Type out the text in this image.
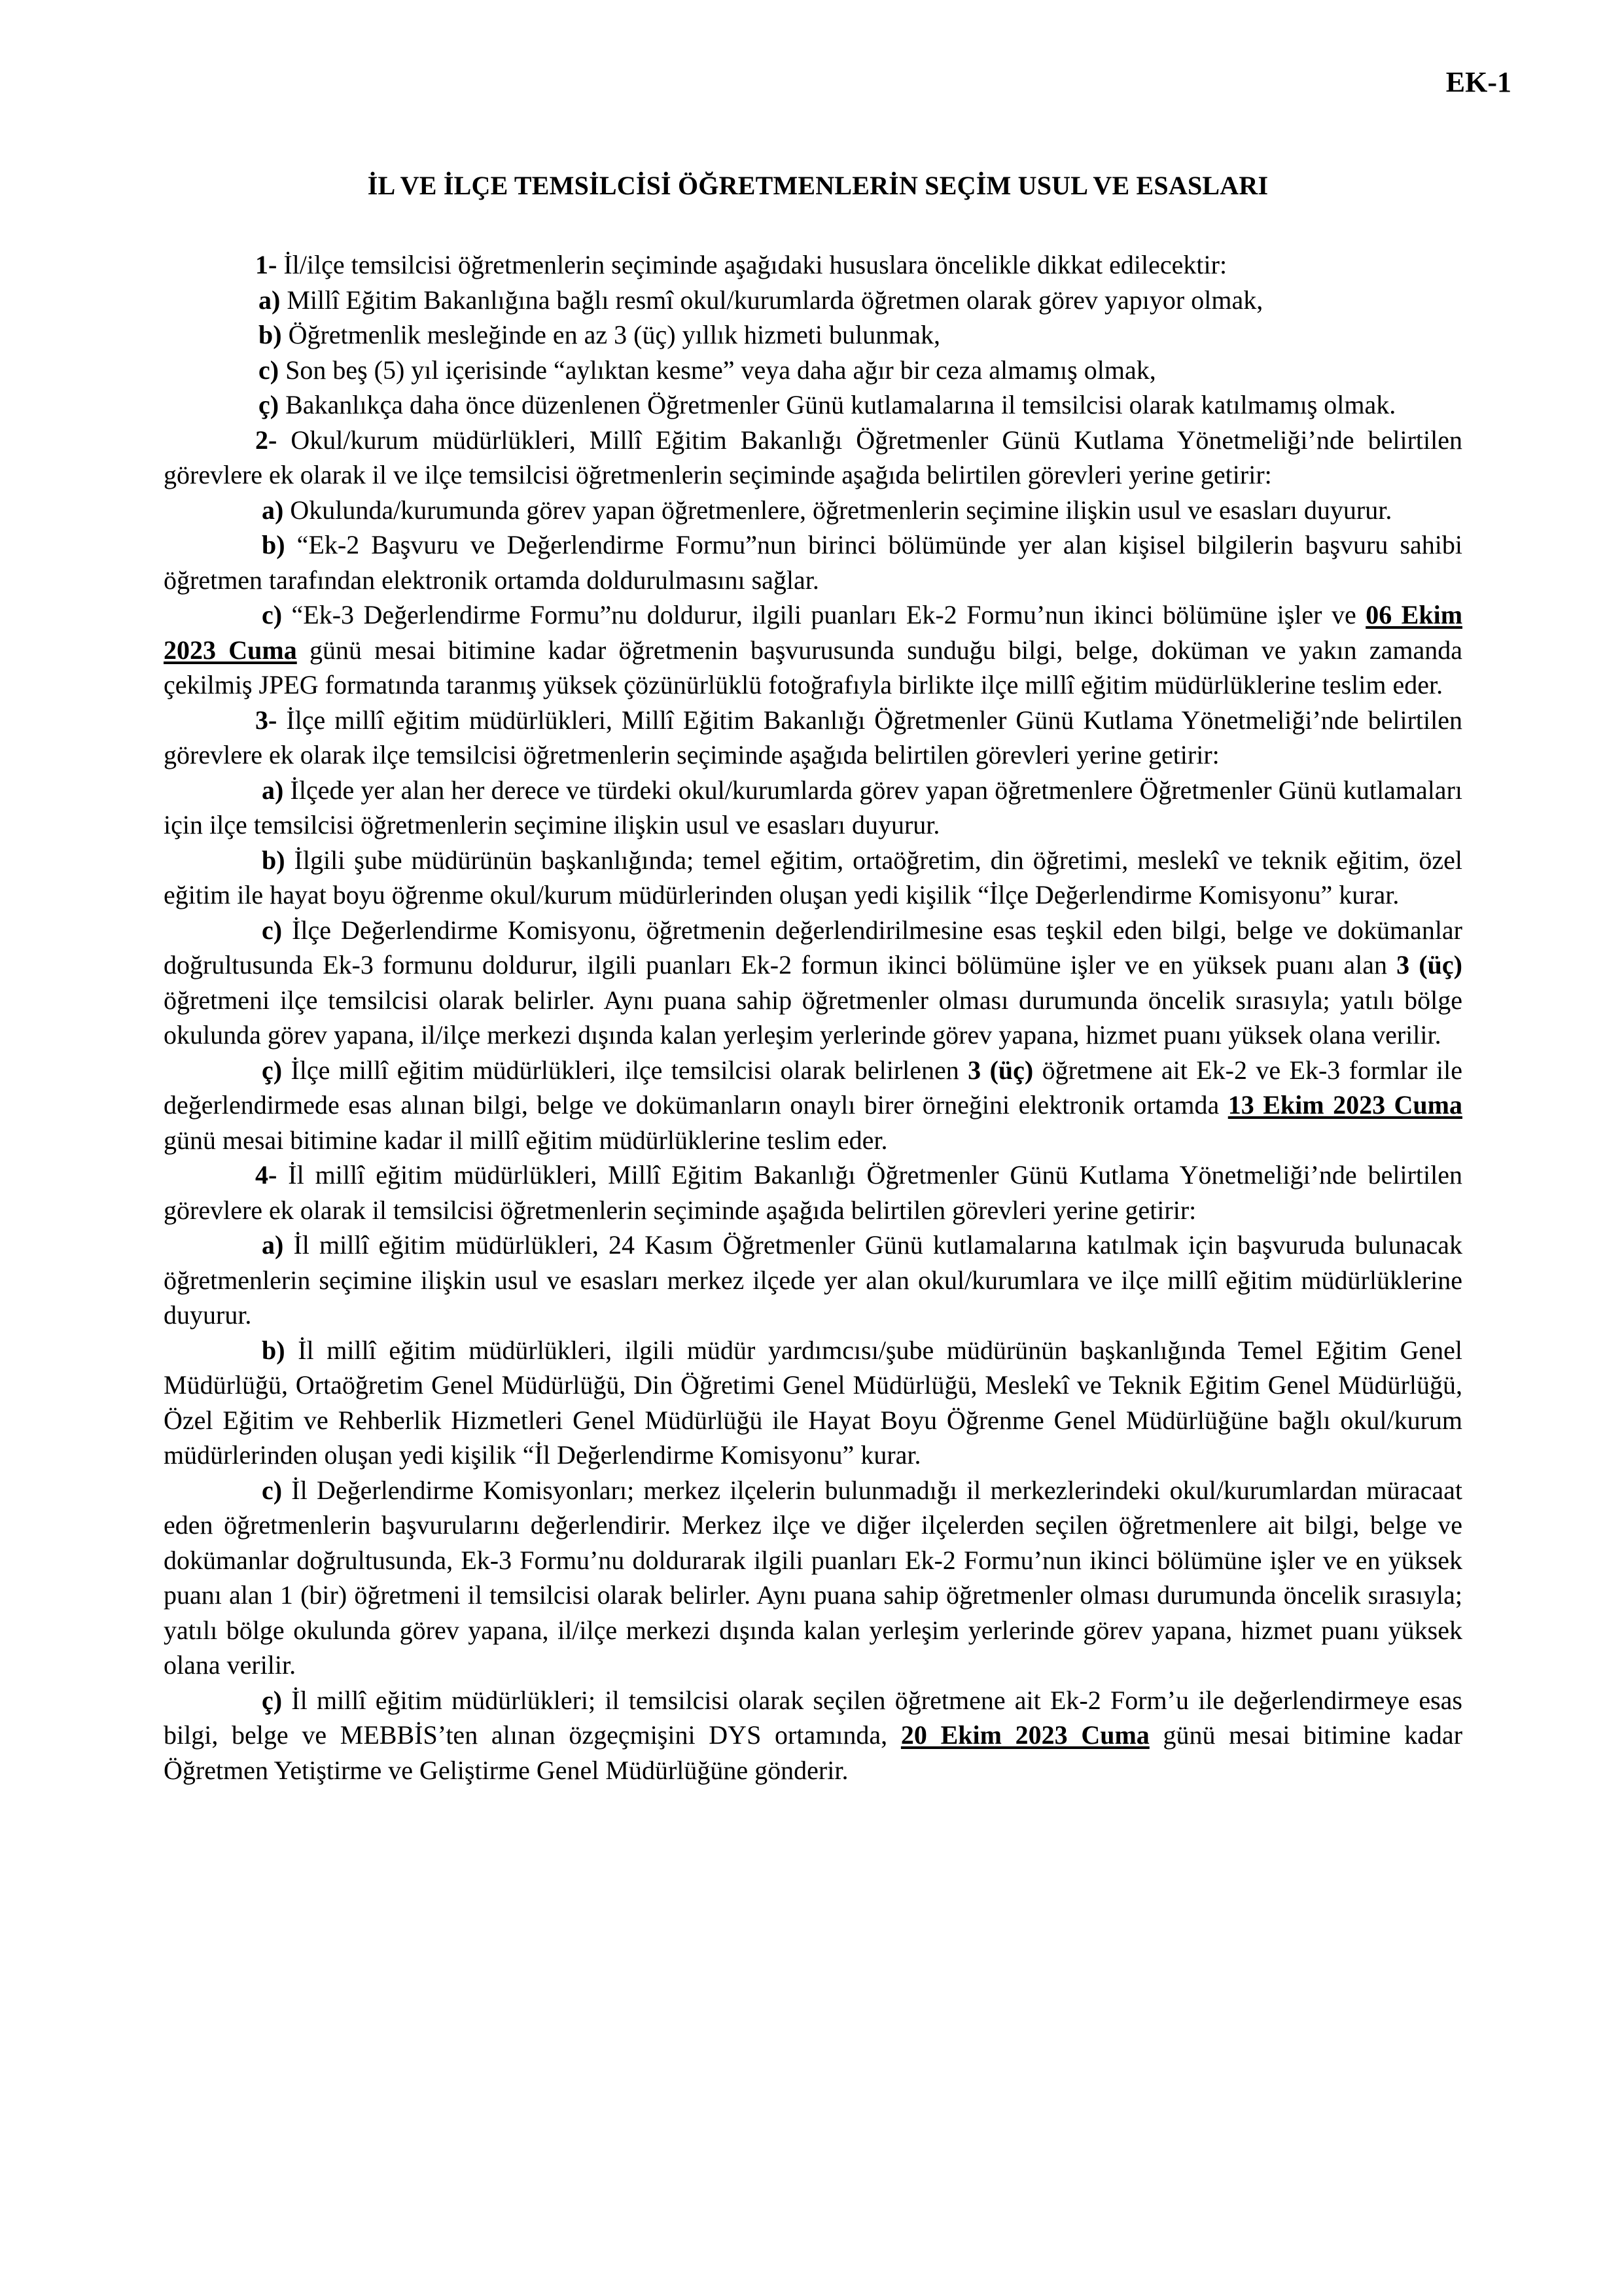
EK-1
İL VE İLÇE TEMSİLCİSİ ÖĞRETMENLERİN SEÇİM USUL VE ESASLARI

1- İl/ilçe temsilcisi öğretmenlerin seçiminde aşağıdaki hususlara öncelikle dikkat edilecektir:

a) Millî Eğitim Bakanlığına bağlı resmî okul/kurumlarda öğretmen olarak görev yapıyor olmak,

b) Öğretmenlik mesleğinde en az 3 (üç) yıllık hizmeti bulunmak,

c) Son beş (5) yıl içerisinde “aylıktan kesme” veya daha ağır bir ceza almamış olmak,

ç) Bakanlıkça daha önce düzenlenen Öğretmenler Günü kutlamalarına il temsilcisi olarak katılmamış olmak.

2- Okul/kurum müdürlükleri, Millî Eğitim Bakanlığı Öğretmenler Günü Kutlama Yönetmeliği’nde belirtilen görevlere ek olarak il ve ilçe temsilcisi öğretmenlerin seçiminde aşağıda belirtilen görevleri yerine getirir:

a) Okulunda/kurumunda görev yapan öğretmenlere, öğretmenlerin seçimine ilişkin usul ve esasları duyurur.

b) “Ek-2 Başvuru ve Değerlendirme Formu”nun birinci bölümünde yer alan kişisel bilgilerin başvuru sahibi öğretmen tarafından elektronik ortamda doldurulmasını sağlar.

c) “Ek-3 Değerlendirme Formu”nu doldurur, ilgili puanları Ek-2 Formu’nun ikinci bölümüne işler ve 06 Ekim 2023 Cuma günü mesai bitimine kadar öğretmenin başvurusunda sunduğu bilgi, belge, doküman ve yakın zamanda çekilmiş JPEG formatında taranmış yüksek çözünürlüklü fotoğrafıyla birlikte ilçe millî eğitim müdürlüklerine teslim eder.

3- İlçe millî eğitim müdürlükleri, Millî Eğitim Bakanlığı Öğretmenler Günü Kutlama Yönetmeliği’nde belirtilen görevlere ek olarak ilçe temsilcisi öğretmenlerin seçiminde aşağıda belirtilen görevleri yerine getirir:

a) İlçede yer alan her derece ve türdeki okul/kurumlarda görev yapan öğretmenlere Öğretmenler Günü kutlamaları için ilçe temsilcisi öğretmenlerin seçimine ilişkin usul ve esasları duyurur.

b) İlgili şube müdürünün başkanlığında; temel eğitim, ortaöğretim, din öğretimi, meslekî ve teknik eğitim, özel eğitim ile hayat boyu öğrenme okul/kurum müdürlerinden oluşan yedi kişilik “İlçe Değerlendirme Komisyonu” kurar.

c) İlçe Değerlendirme Komisyonu, öğretmenin değerlendirilmesine esas teşkil eden bilgi, belge ve dokümanlar doğrultusunda Ek-3 formunu doldurur, ilgili puanları Ek-2 formun ikinci bölümüne işler ve en yüksek puanı alan 3 (üç) öğretmeni ilçe temsilcisi olarak belirler. Aynı puana sahip öğretmenler olması durumunda öncelik sırasıyla; yatılı bölge okulunda görev yapana, il/ilçe merkezi dışında kalan yerleşim yerlerinde görev yapana, hizmet puanı yüksek olana verilir.

ç) İlçe millî eğitim müdürlükleri, ilçe temsilcisi olarak belirlenen 3 (üç) öğretmene ait Ek-2 ve Ek-3 formlar ile değerlendirmede esas alınan bilgi, belge ve dokümanların onaylı birer örneğini elektronik ortamda 13 Ekim 2023 Cuma günü mesai bitimine kadar il millî eğitim müdürlüklerine teslim eder.

4- İl millî eğitim müdürlükleri, Millî Eğitim Bakanlığı Öğretmenler Günü Kutlama Yönetmeliği’nde belirtilen görevlere ek olarak il temsilcisi öğretmenlerin seçiminde aşağıda belirtilen görevleri yerine getirir:

a) İl millî eğitim müdürlükleri, 24 Kasım Öğretmenler Günü kutlamalarına katılmak için başvuruda bulunacak öğretmenlerin seçimine ilişkin usul ve esasları merkez ilçede yer alan okul/kurumlara ve ilçe millî eğitim müdürlüklerine duyurur.

b) İl millî eğitim müdürlükleri, ilgili müdür yardımcısı/şube müdürünün başkanlığında Temel Eğitim Genel Müdürlüğü, Ortaöğretim Genel Müdürlüğü, Din Öğretimi Genel Müdürlüğü, Meslekî ve Teknik Eğitim Genel Müdürlüğü, Özel Eğitim ve Rehberlik Hizmetleri Genel Müdürlüğü ile Hayat Boyu Öğrenme Genel Müdürlüğüne bağlı okul/kurum müdürlerinden oluşan yedi kişilik “İl Değerlendirme Komisyonu” kurar.

c) İl Değerlendirme Komisyonları; merkez ilçelerin bulunmadığı il merkezlerindeki okul/kurumlardan müracaat eden öğretmenlerin başvurularını değerlendirir. Merkez ilçe ve diğer ilçelerden seçilen öğretmenlere ait bilgi, belge ve dokümanlar doğrultusunda, Ek-3 Formu’nu doldurarak ilgili puanları Ek-2 Formu’nun ikinci bölümüne işler ve en yüksek puanı alan 1 (bir) öğretmeni il temsilcisi olarak belirler. Aynı puana sahip öğretmenler olması durumunda öncelik sırasıyla; yatılı bölge okulunda görev yapana, il/ilçe merkezi dışında kalan yerleşim yerlerinde görev yapana, hizmet puanı yüksek olana verilir.

ç) İl millî eğitim müdürlükleri; il temsilcisi olarak seçilen öğretmene ait Ek-2 Form’u ile değerlendirmeye esas bilgi, belge ve MEBBİS’ten alınan özgeçmişini DYS ortamında, 20 Ekim 2023 Cuma günü mesai bitimine kadar Öğretmen Yetiştirme ve Geliştirme Genel Müdürlüğüne gönderir.
